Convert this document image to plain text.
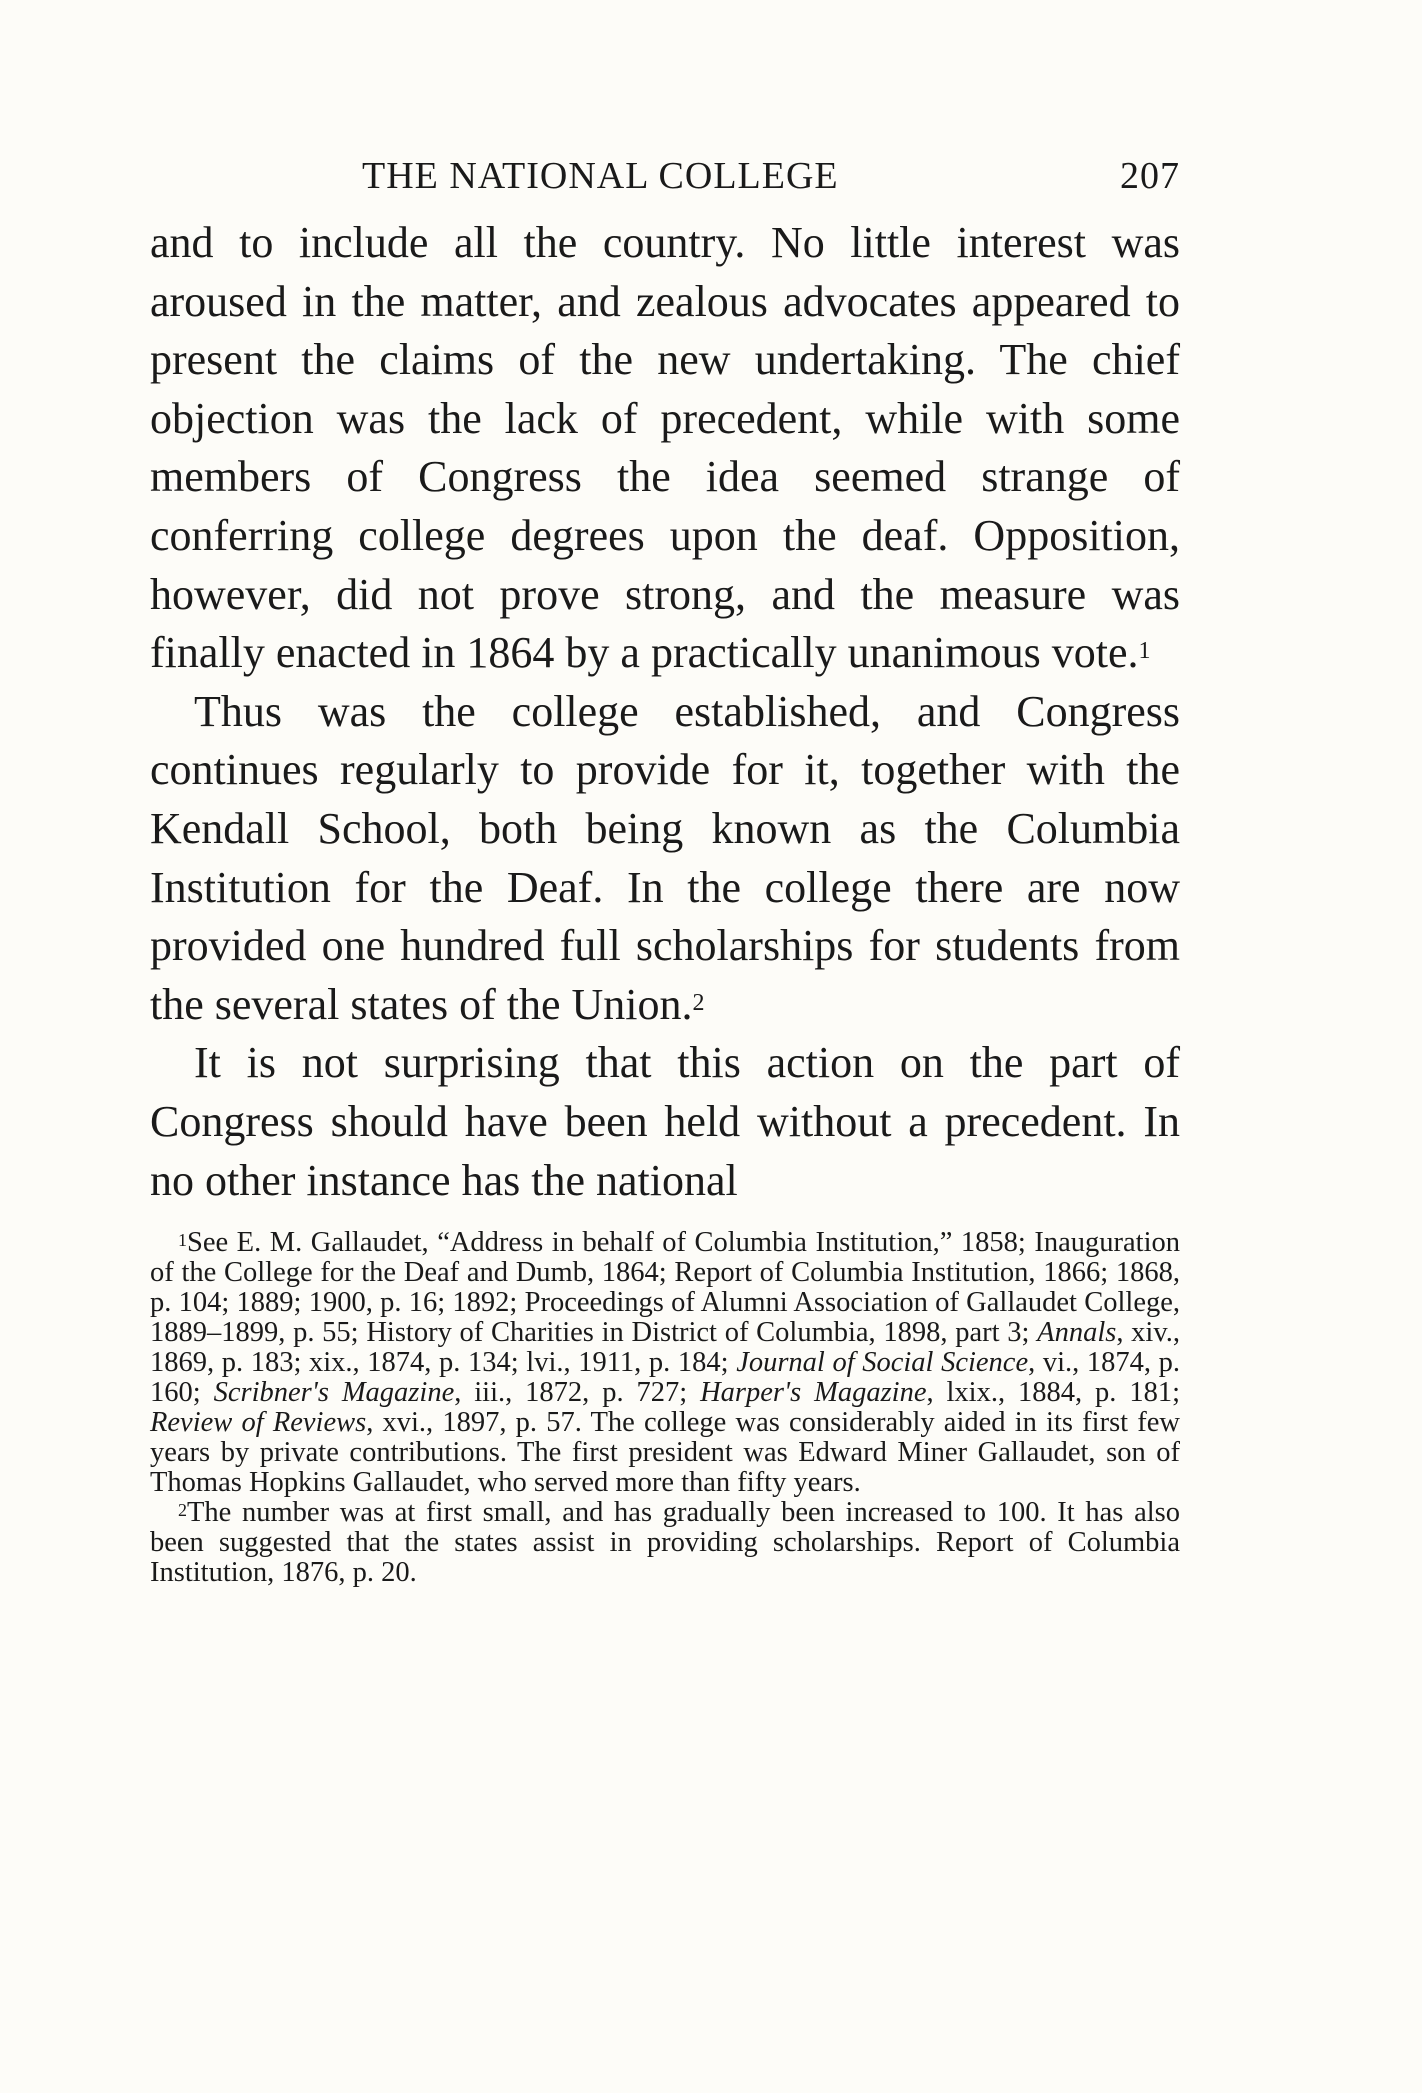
THE NATIONAL COLLEGE	207

and to include all the country. No little interest was aroused in the matter, and zealous advocates appeared to present the claims of the new undertaking. The chief objection was the lack of precedent, while with some members of Congress the idea seemed strange of conferring college degrees upon the deaf. Opposition, however, did not prove strong, and the measure was finally enacted in 1864 by a practically unanimous vote.$^1$

Thus was the college established, and Congress continues regularly to provide for it, together with the Kendall School, both being known as the Columbia Institution for the Deaf. In the college there are now provided one hundred full scholarships for students from the several states of the Union.$^2$

It is not surprising that this action on the part of Congress should have been held without a precedent. In no other instance has the national

$^1$See E. M. Gallaudet, “Address in behalf of Columbia Institution,” 1858; Inauguration of the College for the Deaf and Dumb, 1864; Report of Columbia Institution, 1866; 1868, p. 104; 1889; 1900, p. 16; 1892; Proceedings of Alumni Association of Gallaudet College, 1889–1899, p. 55; History of Charities in District of Columbia, 1898, part 3; Annals, xiv., 1869, p. 183; xix., 1874, p. 134; lvi., 1911, p. 184; Journal of Social Science, vi., 1874, p. 160; Scribner's Magazine, iii., 1872, p. 727; Harper's Magazine, lxix., 1884, p. 181; Review of Reviews, xvi., 1897, p. 57. The college was considerably aided in its first few years by private contributions. The first president was Edward Miner Gallaudet, son of Thomas Hopkins Gallaudet, who served more than fifty years.

$^2$The number was at first small, and has gradually been increased to 100. It has also been suggested that the states assist in providing scholarships. Report of Columbia Institution, 1876, p. 20.
